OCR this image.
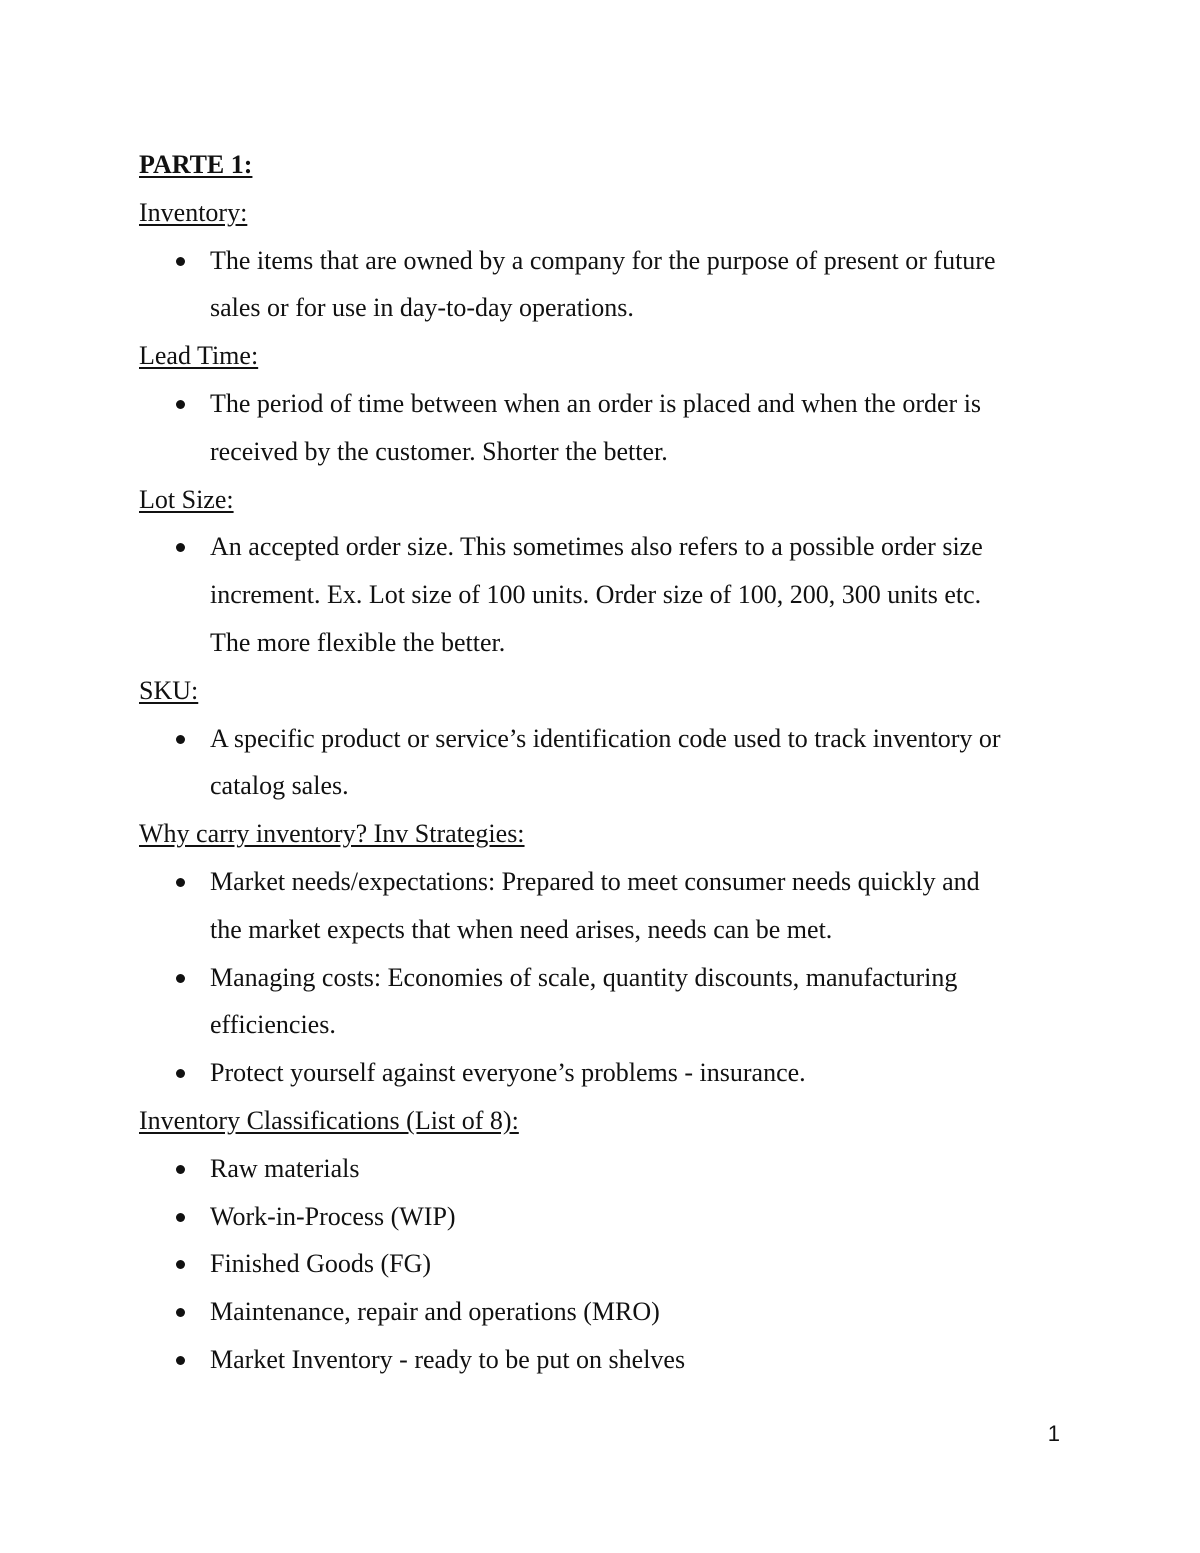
PARTE 1:
Inventory:
The items that are owned by a company for the purpose of present or future
sales or for use in day-to-day operations.
Lead Time:
The period of time between when an order is placed and when the order is
received by the customer. Shorter the better.
Lot Size:
An accepted order size. This sometimes also refers to a possible order size
increment. Ex. Lot size of 100 units. Order size of 100, 200, 300 units etc.
The more flexible the better.
SKU:
A specific product or service’s identification code used to track inventory or
catalog sales.
Why carry inventory? Inv Strategies:
Market needs/expectations: Prepared to meet consumer needs quickly and
the market expects that when need arises, needs can be met.
Managing costs: Economies of scale, quantity discounts, manufacturing
efficiencies.
Protect yourself against everyone’s problems - insurance.
Inventory Classifications (List of 8):
Raw materials
Work-in-Process (WIP)
Finished Goods (FG)
Maintenance, repair and operations (MRO)
Market Inventory - ready to be put on shelves
1
